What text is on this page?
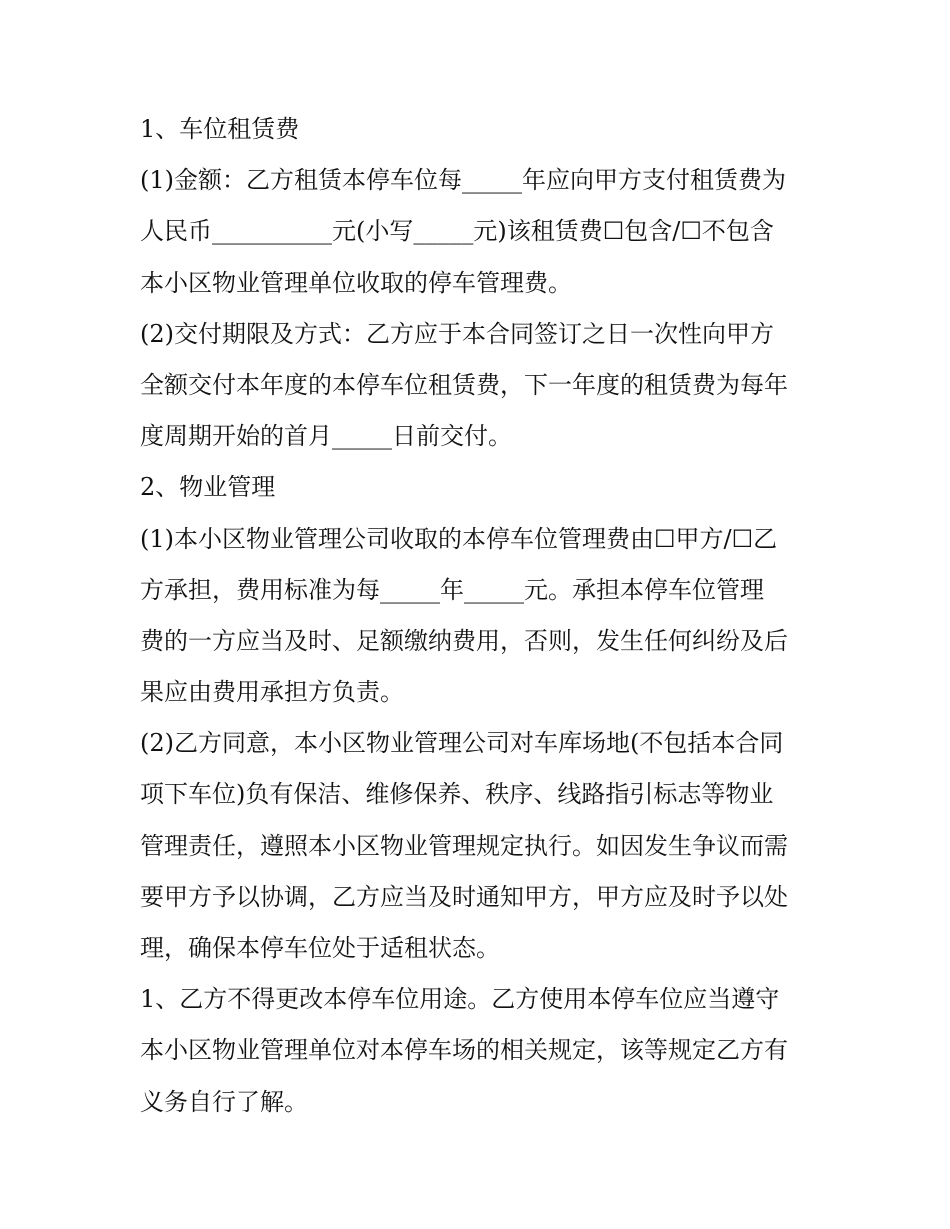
1、车位租赁费
(1)金额：乙方租赁本停车位每_____年应向甲方支付租赁费为
人民币__________元(小写_____元)该租赁费☐包含/☐不包含
本小区物业管理单位收取的停车管理费。
(2)交付期限及方式：乙方应于本合同签订之日一次性向甲方
全额交付本年度的本停车位租赁费，下一年度的租赁费为每年
度周期开始的首月_____日前交付。
2、物业管理
(1)本小区物业管理公司收取的本停车位管理费由☐甲方/☐乙
方承担，费用标准为每_____年_____元。承担本停车位管理
费的一方应当及时、足额缴纳费用，否则，发生任何纠纷及后
果应由费用承担方负责。
(2)乙方同意，本小区物业管理公司对车库场地(不包括本合同
项下车位)负有保洁、维修保养、秩序、线路指引标志等物业
管理责任，遵照本小区物业管理规定执行。如因发生争议而需
要甲方予以协调，乙方应当及时通知甲方，甲方应及时予以处
理，确保本停车位处于适租状态。
1、乙方不得更改本停车位用途。乙方使用本停车位应当遵守
本小区物业管理单位对本停车场的相关规定，该等规定乙方有
义务自行了解。
